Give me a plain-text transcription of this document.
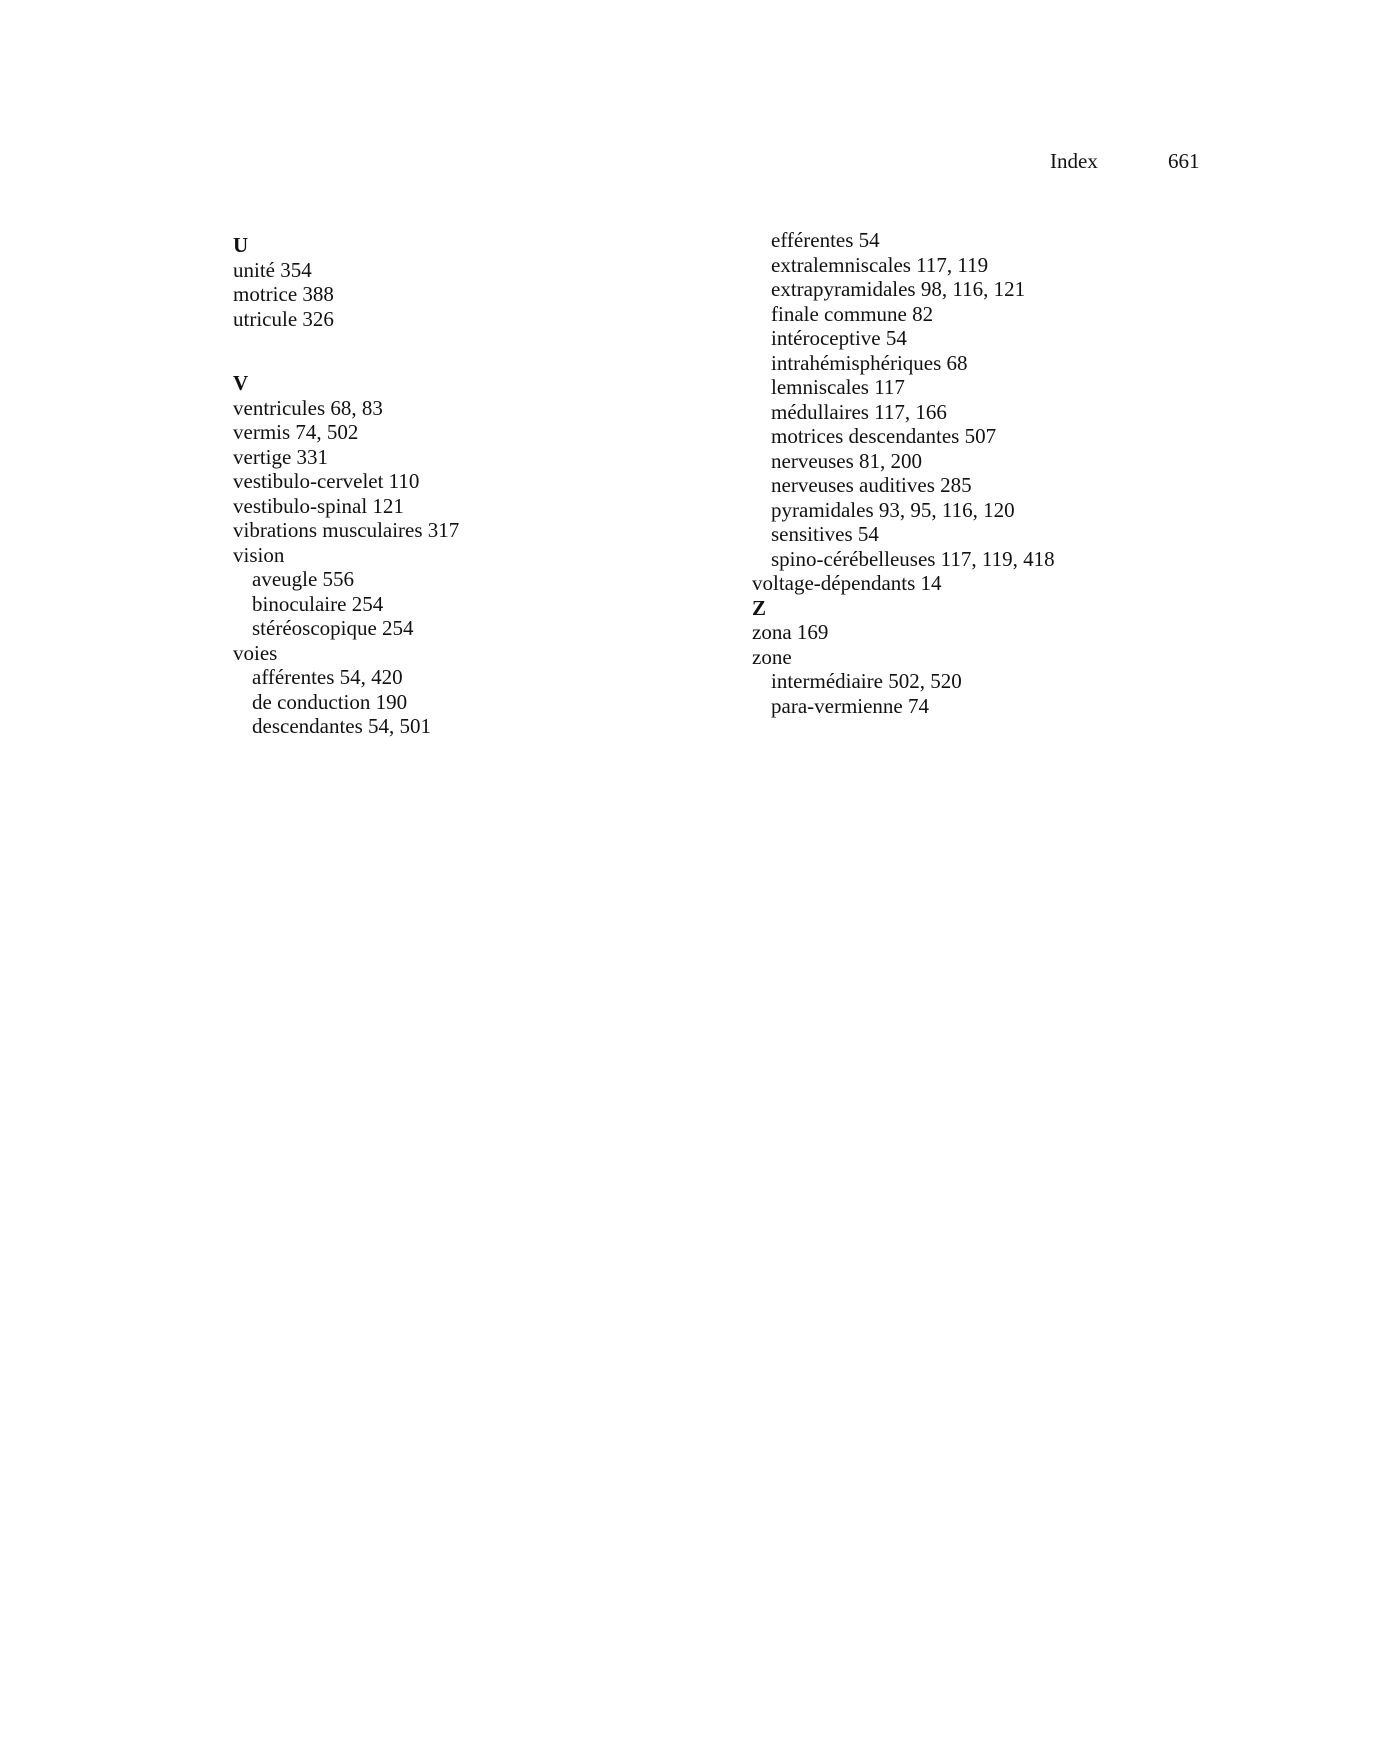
Index	661
U
unité 354
motrice 388
utricule 326
V
ventricules 68, 83
vermis 74, 502
vertige 331
vestibulo-cervelet 110
vestibulo-spinal 121
vibrations musculaires 317
vision
aveugle 556
binoculaire 254
stéréoscopique 254
voies
afférentes 54, 420
de conduction 190
descendantes 54, 501
efférentes 54
extralemniscales 117, 119
extrapyramidales 98, 116, 121
finale commune 82
intéroceptive 54
intrahémisphériques 68
lemniscales 117
médullaires 117, 166
motrices descendantes 507
nerveuses 81, 200
nerveuses auditives 285
pyramidales 93, 95, 116, 120
sensitives 54
spino-cérébelleuses 117, 119, 418
voltage-dépendants 14
Z
zona 169
zone
intermédiaire 502, 520
para-vermienne 74
